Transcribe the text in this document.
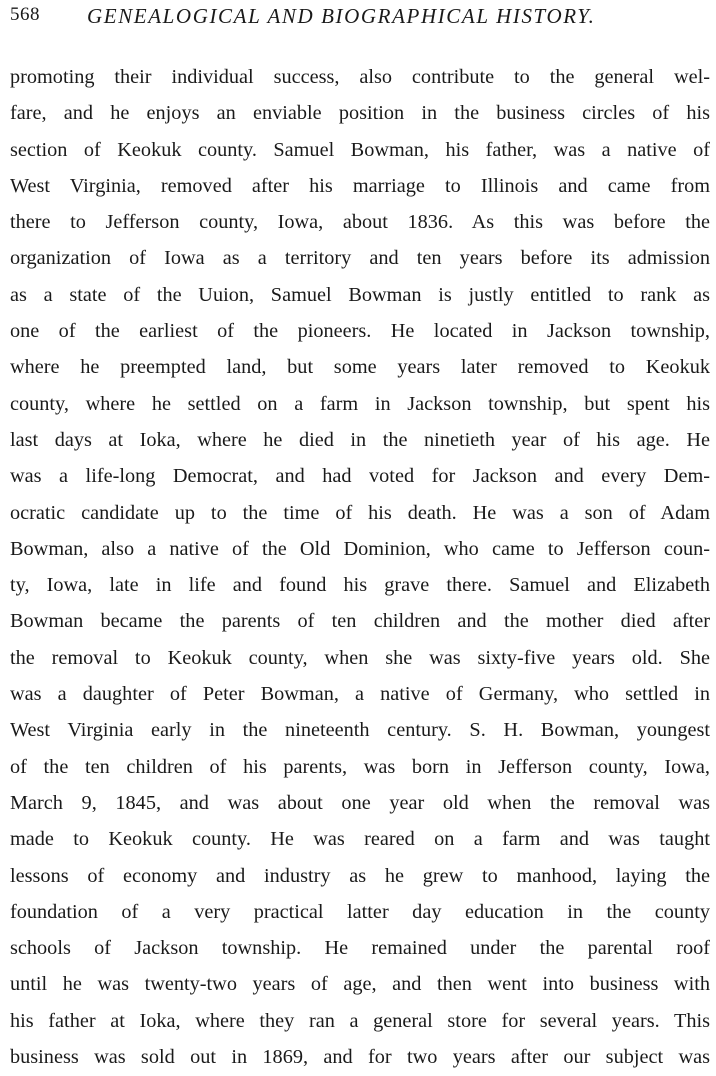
568 GENEALOGICAL AND BIOGRAPHICAL HISTORY.
promoting their individual success, also contribute to the general wel-
fare, and he enjoys an enviable position in the business circles of his
section of Keokuk county. Samuel Bowman, his father, was a native of
West Virginia, removed after his marriage to Illinois and came from
there to Jefferson county, Iowa, about 1836. As this was before the
organization of Iowa as a territory and ten years before its admission
as a state of the Uuion, Samuel Bowman is justly entitled to rank as
one of the earliest of the pioneers. He located in Jackson township,
where he preempted land, but some years later removed to Keokuk
county, where he settled on a farm in Jackson township, but spent his
last days at Ioka, where he died in the ninetieth year of his age. He
was a life-long Democrat, and had voted for Jackson and every Dem-
ocratic candidate up to the time of his death. He was a son of Adam
Bowman, also a native of the Old Dominion, who came to Jefferson coun-
ty, Iowa, late in life and found his grave there. Samuel and Elizabeth
Bowman became the parents of ten children and the mother died after
the removal to Keokuk county, when she was sixty-five years old. She
was a daughter of Peter Bowman, a native of Germany, who settled in
West Virginia early in the nineteenth century. S. H. Bowman, youngest
of the ten children of his parents, was born in Jefferson county, Iowa,
March 9, 1845, and was about one year old when the removal was
made to Keokuk county. He was reared on a farm and was taught
lessons of economy and industry as he grew to manhood, laying the
foundation of a very practical latter day education in the county
schools of Jackson township. He remained under the parental roof
until he was twenty-two years of age, and then went into business with
his father at Ioka, where they ran a general store for several years. This
business was sold out in 1869, and for two years after our subject was
